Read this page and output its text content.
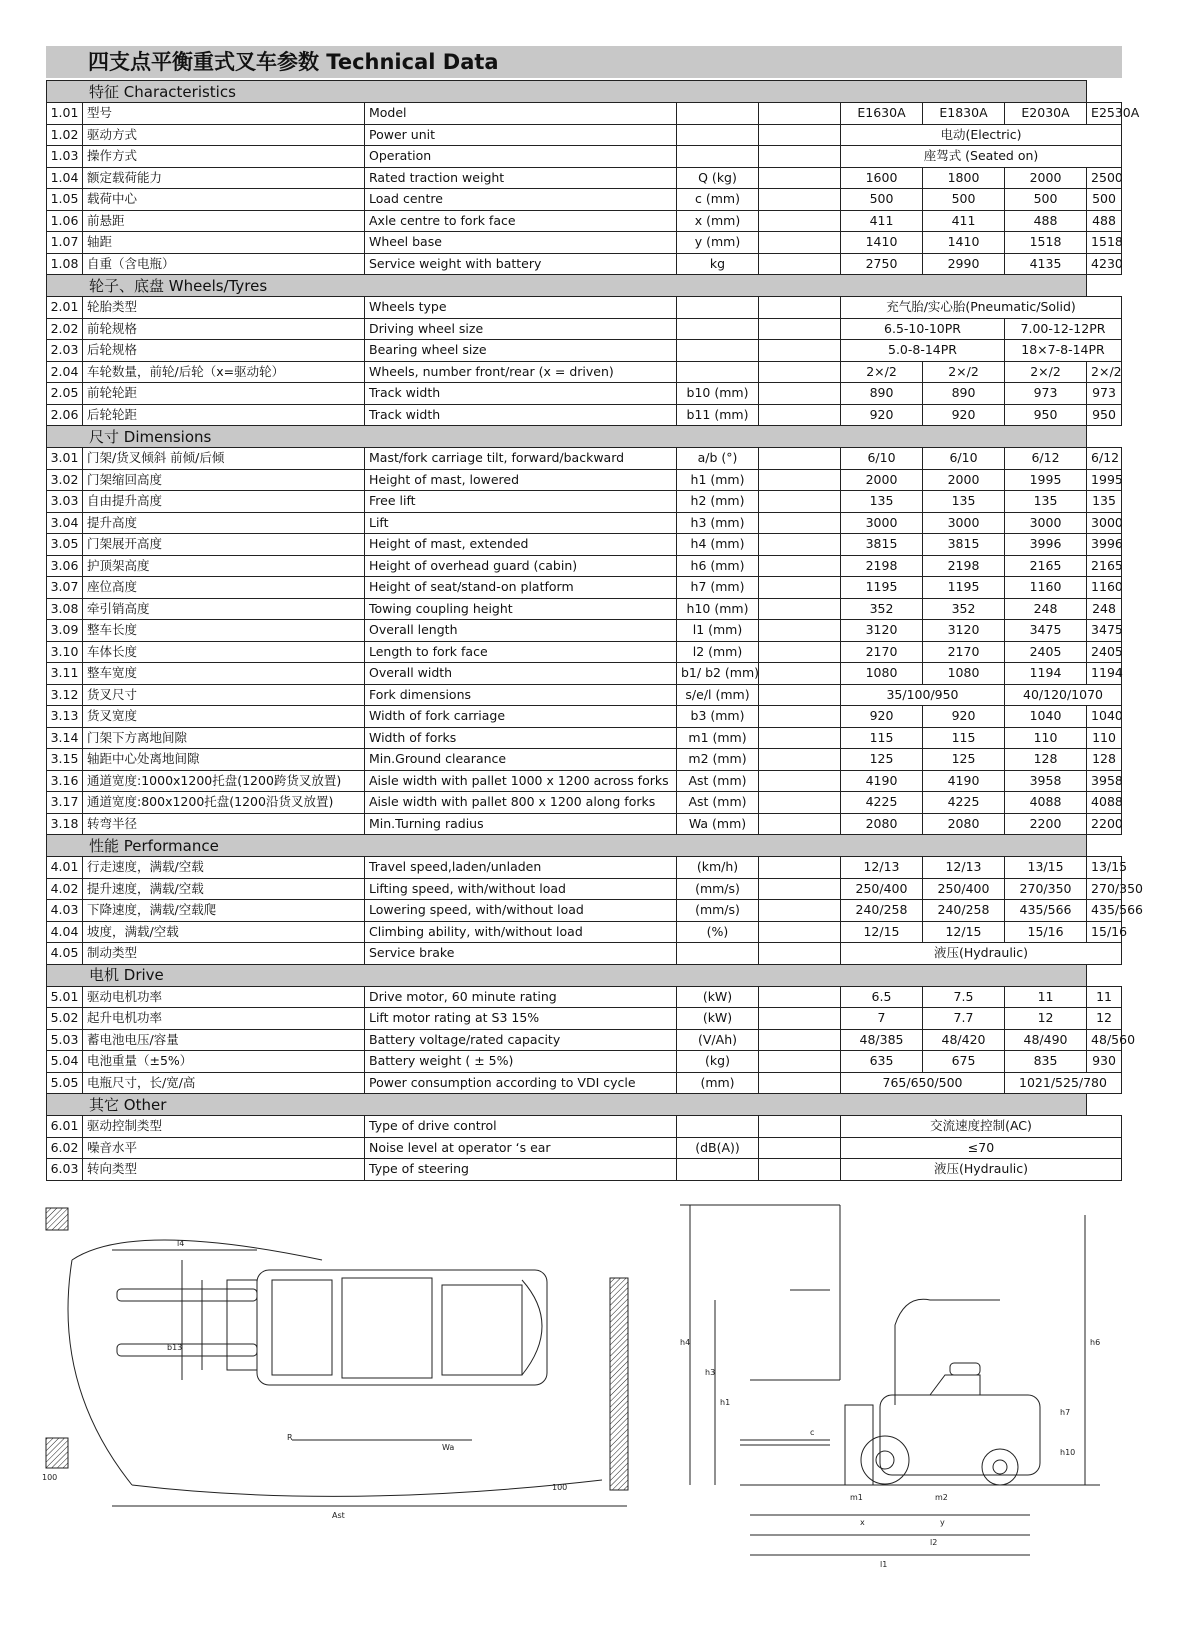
四支点平衡重式叉车参数 Technical Data
特征 Characteristics								
1.01	型号	Model			E1630A	E1830A	E2030A	E2530A
1.02	驱动方式	Power unit			电动(Electric)			
1.03	操作方式	Operation			座驾式 (Seated on)			
1.04	额定载荷能力	Rated traction weight	Q (kg)		1600	1800	2000	2500
1.05	载荷中心	Load centre	c (mm)		500	500	500	500
1.06	前悬距	Axle centre to fork face	x (mm)		411	411	488	488
1.07	轴距	Wheel base	y (mm)		1410	1410	1518	1518
1.08	自重（含电瓶）	Service weight with battery	kg		2750	2990	4135	4230
轮子、底盘 Wheels/Tyres								
2.01	轮胎类型	Wheels type			充气胎/实心胎(Pneumatic/Solid)			
2.02	前轮规格	Driving wheel size			6.5-10-10PR		7.00-12-12PR	
2.03	后轮规格	Bearing wheel size			5.0-8-14PR		18×7-8-14PR	
2.04	车轮数量，前轮/后轮（x=驱动轮）	Wheels, number front/rear (x = driven)			2×/2	2×/2	2×/2	2×/2
2.05	前轮轮距	Track width	b10 (mm)		890	890	973	973
2.06	后轮轮距	Track width	b11 (mm)		920	920	950	950
尺寸 Dimensions								
3.01	门架/货叉倾斜 前倾/后倾	Mast/fork carriage tilt, forward/backward	a/b (°)		6/10	6/10	6/12	6/12
3.02	门架缩回高度	Height of mast, lowered	h1 (mm)		2000	2000	1995	1995
3.03	自由提升高度	Free lift	h2 (mm)		135	135	135	135
3.04	提升高度	Lift	h3 (mm)		3000	3000	3000	3000
3.05	门架展开高度	Height of mast, extended	h4 (mm)		3815	3815	3996	3996
3.06	护顶架高度	Height of overhead guard (cabin)	h6 (mm)		2198	2198	2165	2165
3.07	座位高度	Height of seat/stand-on platform	h7 (mm)		1195	1195	1160	1160
3.08	牵引销高度	Towing coupling height	h10 (mm)		352	352	248	248
3.09	整车长度	Overall length	l1 (mm)		3120	3120	3475	3475
3.10	车体长度	Length to fork face	l2 (mm)		2170	2170	2405	2405
3.11	整车宽度	Overall width	b1/ b2 (mm)		1080	1080	1194	1194
3.12	货叉尺寸	Fork dimensions	s/e/l (mm)		35/100/950		40/120/1070	
3.13	货叉宽度	Width of fork carriage	b3 (mm)		920	920	1040	1040
3.14	门架下方离地间隙	Width of forks	m1 (mm)		115	115	110	110
3.15	轴距中心处离地间隙	Min.Ground clearance	m2 (mm)		125	125	128	128
3.16	通道宽度:1000x1200托盘(1200跨货叉放置)	Aisle width with pallet 1000 x 1200 across forks	Ast (mm)		4190	4190	3958	3958
3.17	通道宽度:800x1200托盘(1200沿货叉放置)	Aisle width with pallet 800 x 1200 along forks	Ast (mm)		4225	4225	4088	4088
3.18	转弯半径	Min.Turning radius	Wa (mm)		2080	2080	2200	2200
性能 Performance								
4.01	行走速度，满载/空载	Travel speed,laden/unladen	(km/h)		12/13	12/13	13/15	13/15
4.02	提升速度，满载/空载	Lifting speed, with/without load	(mm/s)		250/400	250/400	270/350	270/350
4.03	下降速度，满载/空载爬	Lowering speed, with/without load	(mm/s)		240/258	240/258	435/566	435/566
4.04	坡度，满载/空载	Climbing ability, with/without load	(%)		12/15	12/15	15/16	15/16
4.05	制动类型	Service brake			液压(Hydraulic)			
电机 Drive								
5.01	驱动电机功率	Drive motor, 60 minute rating	(kW)		6.5	7.5	11	11
5.02	起升电机功率	Lift motor rating at S3 15%	(kW)		7	7.7	12	12
5.03	蓄电池电压/容量	Battery voltage/rated capacity	(V/Ah)		48/385	48/420	48/490	48/560
5.04	电池重量（±5%）	Battery weight ( ± 5%)	(kg)		635	675	835	930
5.05	电瓶尺寸，长/宽/高	Power consumption according to VDI cycle	(mm)		765/650/500		1021/525/780	
其它 Other								
6.01	驱动控制类型	Type of drive control			交流速度控制(AC)			
6.02	噪音水平	Noise level at operator ‘s ear	(dB(A))		≤70			
6.03	转向类型	Type of steering			液压(Hydraulic)			
l4
R
Wa
Ast
100
100
b13
h4	h6
h3
h1
h7
h10
m1	m2
x	y
l2
l1
c
